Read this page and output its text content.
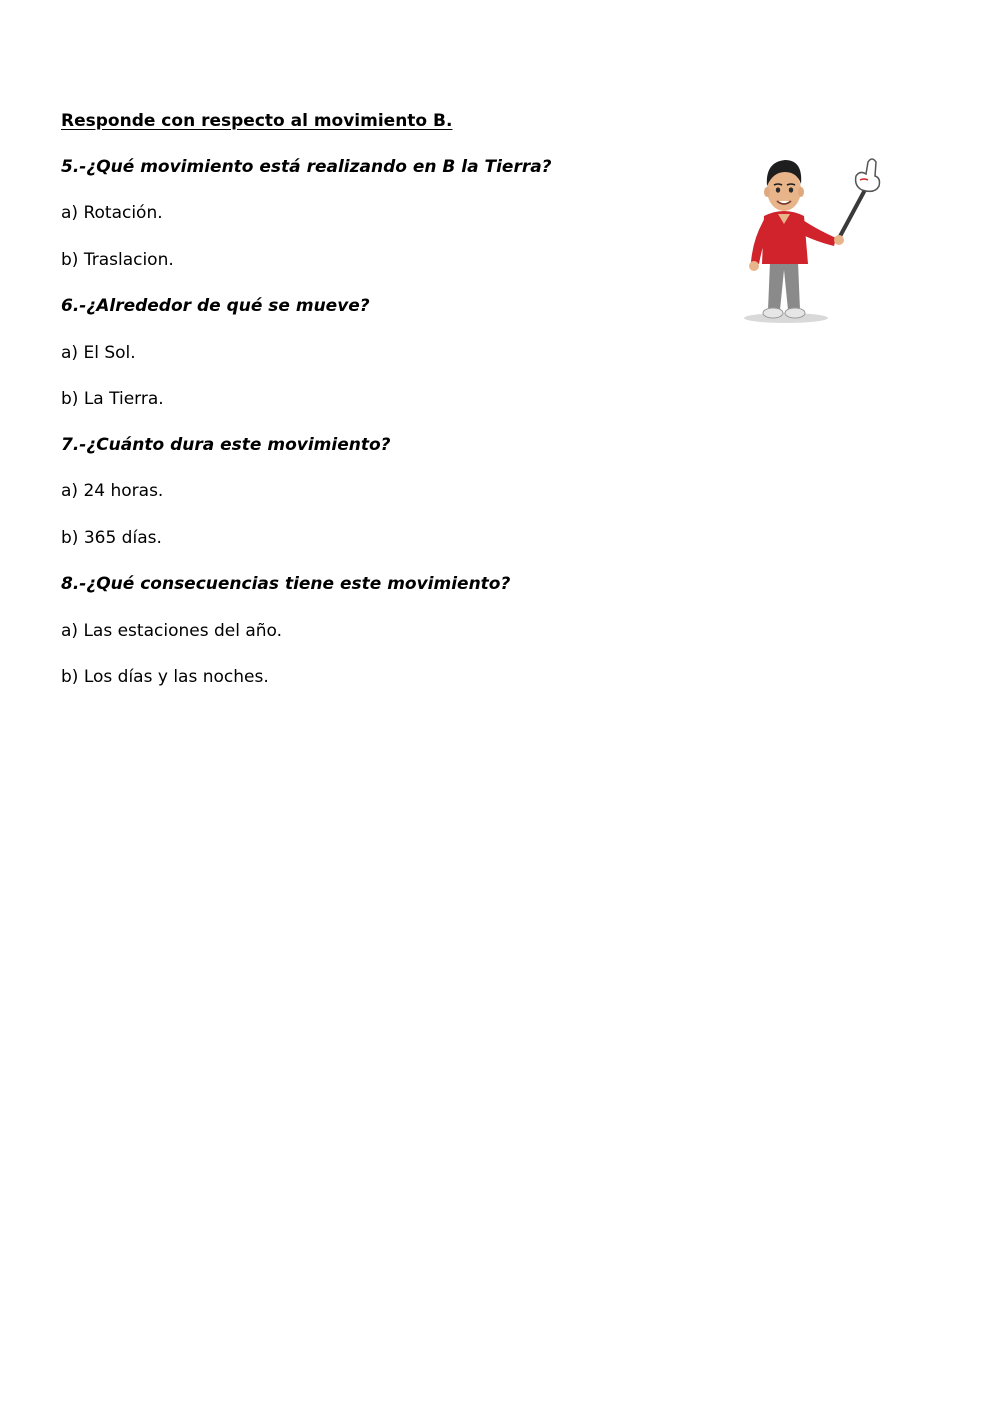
Responde con respecto al movimiento B.
5.-¿Qué movimiento está realizando en B la Tierra?
a) Rotación.
b) Traslacion.
6.-¿Alrededor de qué se mueve?
a) El Sol.
b) La Tierra.
7.-¿Cuánto dura este movimiento?
a) 24 horas.
b) 365 días.
8.-¿Qué consecuencias tiene este movimiento?
a) Las estaciones del año.
b) Los días y las noches.
